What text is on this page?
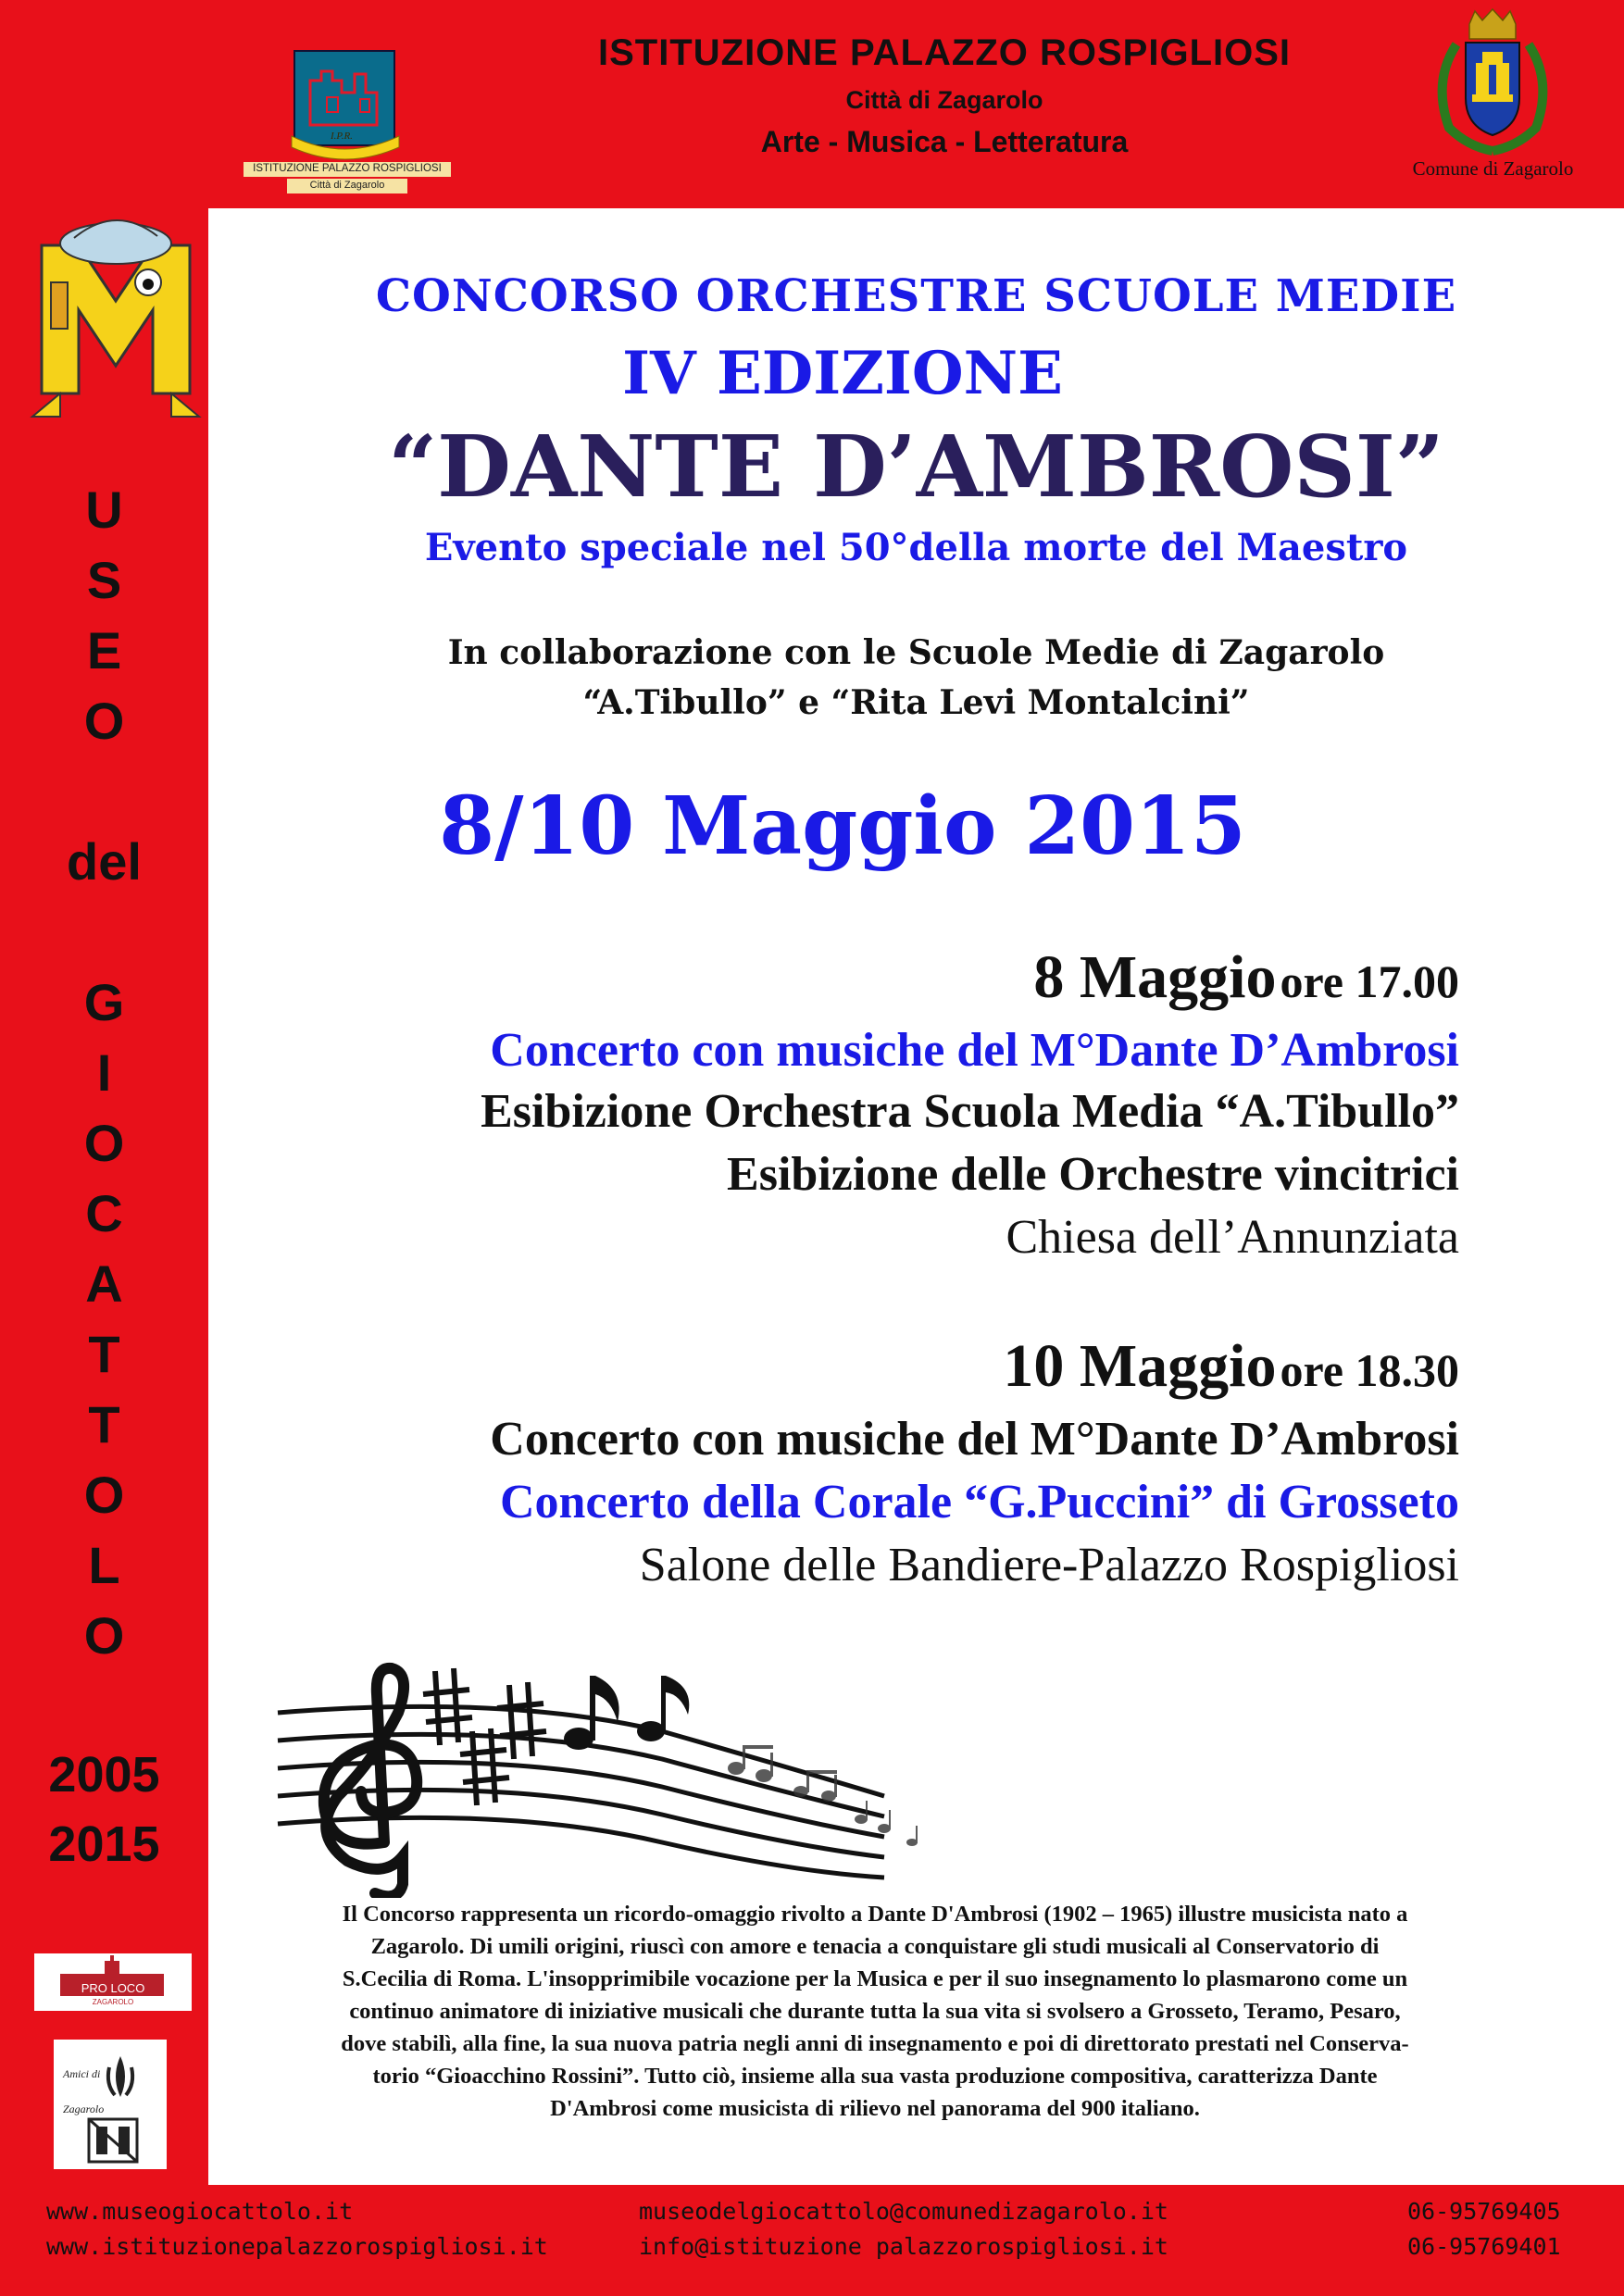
I.P.R.
ISTITUZIONE PALAZZO ROSPIGLIOSI
Città di Zagarolo
ISTITUZIONE PALAZZO ROSPIGLIOSI
Città di Zagarolo
Arte - Musica - Letteratura
Comune di Zagarolo
U
S
E
O
del
G
I
O
C
A
T
T
O
L
O
2005
2015
PRO LOCO
ZAGAROLO
Amici di
Zagarolo
CONCORSO ORCHESTRE SCUOLE MEDIE
IV EDIZIONE
“DANTE D’AMBROSI”
Evento speciale nel 50°della morte del Maestro
In collaborazione con le Scuole Medie di Zagarolo
“A.Tibullo” e “Rita Levi Montalcini”
8/10 Maggio 2015
8 Maggio ore 17.00
Concerto con musiche del M°Dante D’Ambrosi
Esibizione Orchestra Scuola Media “A.Tibullo”
Esibizione delle Orchestre vincitrici
Chiesa dell’Annunziata
10 Maggio ore 18.30
Concerto con musiche del M°Dante D’Ambrosi
Concerto della Corale “G.Puccini” di Grosseto
Salone delle Bandiere-Palazzo Rospigliosi
Il Concorso rappresenta un ricordo-omaggio rivolto a Dante D'Ambrosi (1902 – 1965) illustre musicista nato a
Zagarolo. Di umili origini, riuscì con amore e tenacia a conquistare gli studi musicali al Conservatorio di
S.Cecilia di Roma. L'insopprimibile vocazione per la Musica e per il suo insegnamento lo plasmarono come un
continuo animatore di iniziative musicali che durante tutta la sua vita si svolsero a Grosseto, Teramo, Pesaro,
dove stabilì, alla fine, la sua nuova patria negli anni di insegnamento e poi di direttorato prestati nel Conserva-
torio “Gioacchino Rossini”. Tutto ciò, insieme alla sua vasta produzione compositiva, caratterizza Dante
D'Ambrosi come musicista di rilievo nel panorama del 900 italiano.
www.museogiocattolo.it
www.istituzionepalazzorospigliosi.it
museodelgiocattolo@comunedizagarolo.it
info@istituzione palazzorospigliosi.it
06-95769405
06-95769401
